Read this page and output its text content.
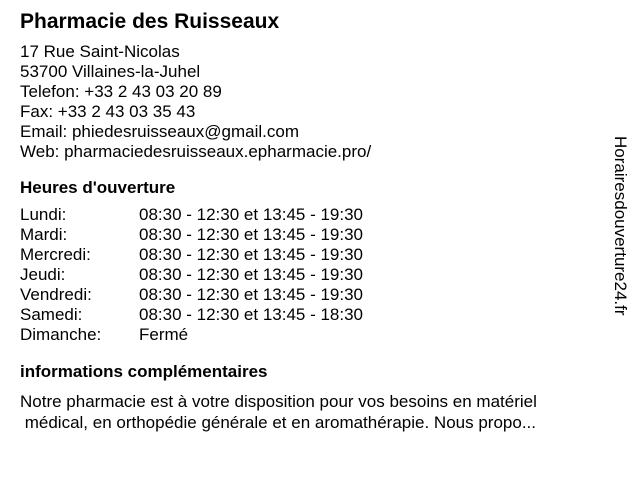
Pharmacie des Ruisseaux
17 Rue Saint-Nicolas
53700 Villaines-la-Juhel
Telefon: +33 2 43 03 20 89
Fax: +33 2 43 03 35 43
Email: phiedesruisseaux@gmail.com
Web: pharmaciedesruisseaux.epharmacie.pro/
Heures d'ouverture
Lundi:	08:30 - 12:30 et 13:45 - 19:30
Mardi:	08:30 - 12:30 et 13:45 - 19:30
Mercredi:	08:30 - 12:30 et 13:45 - 19:30
Jeudi:	08:30 - 12:30 et 13:45 - 19:30
Vendredi:	08:30 - 12:30 et 13:45 - 19:30
Samedi:	08:30 - 12:30 et 13:45 - 18:30
Dimanche:	Fermé
informations complémentaires
Notre pharmacie est à votre disposition pour vos besoins en matériel
médical, en orthopédie générale et en aromathérapie. Nous propo...
Horairesdouverture24.fr
